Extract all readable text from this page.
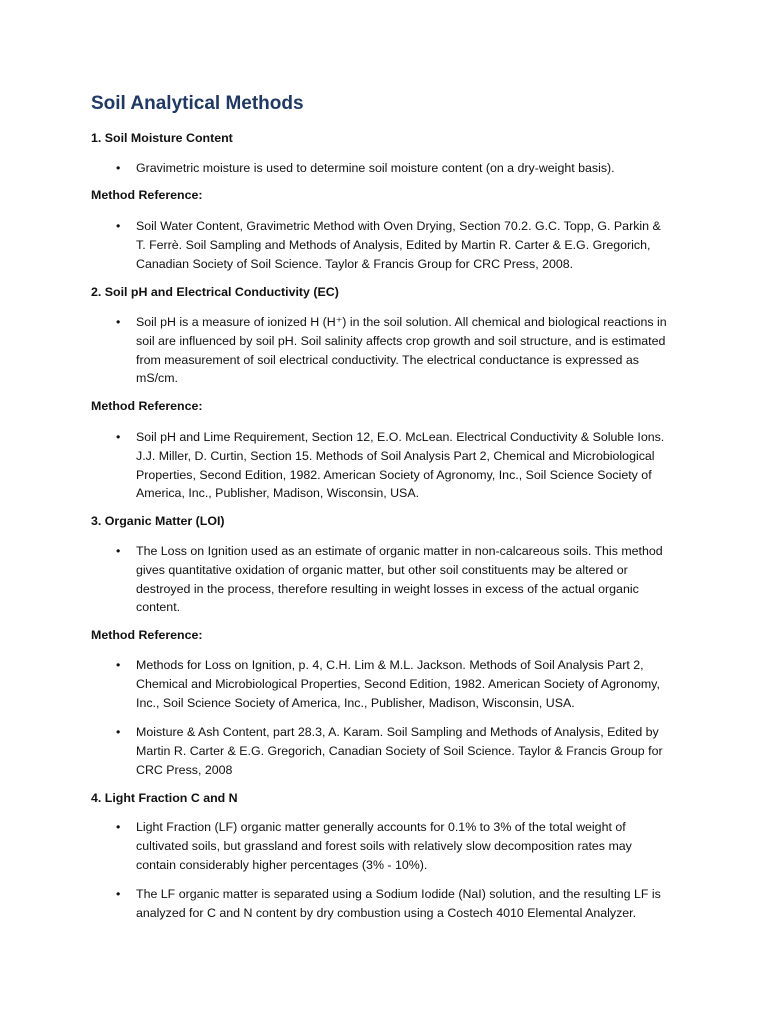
Soil Analytical Methods
1. Soil Moisture Content
• Gravimetric moisture is used to determine soil moisture content (on a dry-weight basis).
Method Reference:
• Soil Water Content, Gravimetric Method with Oven Drying, Section 70.2. G.C. Topp, G. Parkin & T. Ferrè. Soil Sampling and Methods of Analysis, Edited by Martin R. Carter & E.G. Gregorich, Canadian Society of Soil Science. Taylor & Francis Group for CRC Press, 2008.
2. Soil pH and Electrical Conductivity (EC)
• Soil pH is a measure of ionized H (H⁺) in the soil solution. All chemical and biological reactions in soil are influenced by soil pH. Soil salinity affects crop growth and soil structure, and is estimated from measurement of soil electrical conductivity. The electrical conductance is expressed as mS/cm.
Method Reference:
• Soil pH and Lime Requirement, Section 12, E.O. McLean. Electrical Conductivity & Soluble Ions. J.J. Miller, D. Curtin, Section 15. Methods of Soil Analysis Part 2, Chemical and Microbiological Properties, Second Edition, 1982. American Society of Agronomy, Inc., Soil Science Society of America, Inc., Publisher, Madison, Wisconsin, USA.
3. Organic Matter (LOI)
• The Loss on Ignition used as an estimate of organic matter in non-calcareous soils. This method gives quantitative oxidation of organic matter, but other soil constituents may be altered or destroyed in the process, therefore resulting in weight losses in excess of the actual organic content.
Method Reference:
• Methods for Loss on Ignition, p. 4, C.H. Lim & M.L. Jackson. Methods of Soil Analysis Part 2, Chemical and Microbiological Properties, Second Edition, 1982. American Society of Agronomy, Inc., Soil Science Society of America, Inc., Publisher, Madison, Wisconsin, USA.
• Moisture & Ash Content, part 28.3, A. Karam. Soil Sampling and Methods of Analysis, Edited by Martin R. Carter & E.G. Gregorich, Canadian Society of Soil Science. Taylor & Francis Group for CRC Press, 2008
4. Light Fraction C and N
• Light Fraction (LF) organic matter generally accounts for 0.1% to 3% of the total weight of cultivated soils, but grassland and forest soils with relatively slow decomposition rates may contain considerably higher percentages (3% - 10%).
• The LF organic matter is separated using a Sodium Iodide (NaI) solution, and the resulting LF is analyzed for C and N content by dry combustion using a Costech 4010 Elemental Analyzer.
